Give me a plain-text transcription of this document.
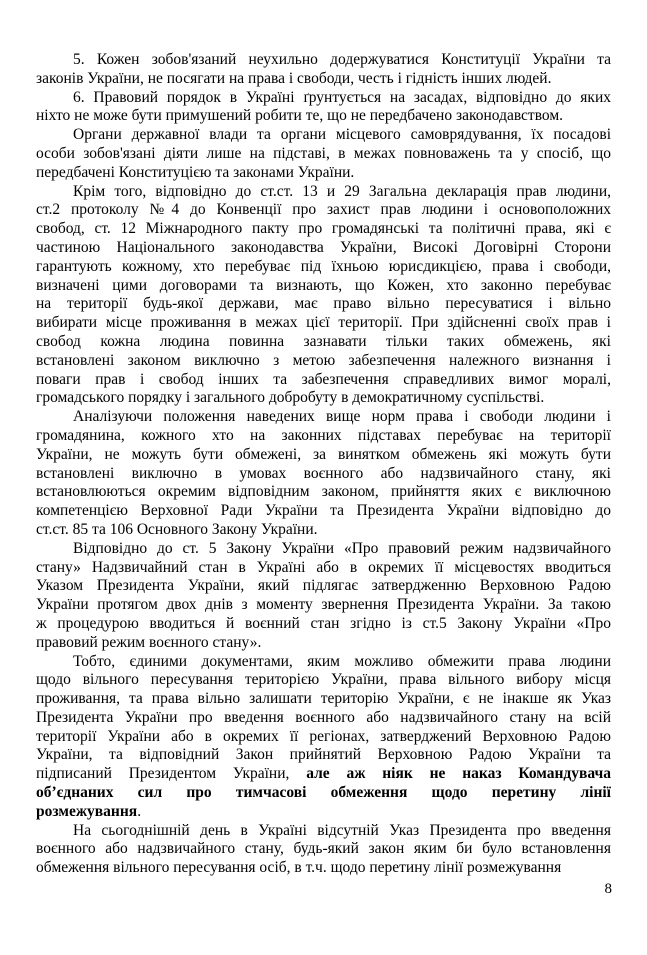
5. Кожен зобов'язаний неухильно додержуватися Конституції України та
законів України, не посягати на права і свободи, честь і гідність інших людей.
6. Правовий порядок в Україні ґрунтується на засадах, відповідно до яких
ніхто не може бути примушений робити те, що не передбачено законодавством.
Органи державної влади та органи місцевого самоврядування, їх посадові
особи зобов'язані діяти лише на підставі, в межах повноважень та у спосіб, що
передбачені Конституцією та законами України.
Крім того, відповідно до ст.ст. 13 и 29 Загальна декларація прав людини,
ст.2 протоколу №4 до Конвенції про захист прав людини і основоположних
свобод, ст. 12 Міжнародного пакту про громадянські та політичні права, які є
частиною Національного законодавства України, Високі Договірні Сторони
гарантують кожному, хто перебуває під їхньою юрисдикцією, права і свободи,
визначені цими договорами та визнають, що Кожен, хто законно перебуває
на території будь-якої держави, має право вільно пересуватися і вільно
вибирати місце проживання в межах цієї території. При здійсненні своїх прав і
свобод кожна людина повинна зазнавати тільки таких обмежень, які
встановлені законом виключно з метою забезпечення належного визнання і
поваги прав і свобод інших та забезпечення справедливих вимог моралі,
громадського порядку і загального добробуту в демократичному суспільстві.
Аналізуючи положення наведених вище норм права і свободи людини і
громадянина, кожного хто на законних підставах перебуває на території
України, не можуть бути обмежені, за винятком обмежень які можуть бути
встановлені виключно в умовах воєнного або надзвичайного стану, які
встановлюються окремим відповідним законом, прийняття яких є виключною
компетенцією Верховної Ради України та Президента України відповідно до
ст.ст. 85 та 106 Основного Закону України.
Відповідно до ст. 5 Закону України «Про правовий режим надзвичайного
стану» Надзвичайний стан в Україні або в окремих її місцевостях вводиться
Указом Президента України, який підлягає затвердженню Верховною Радою
України протягом двох днів з моменту звернення Президента України. За такою
ж процедурою вводиться й воєнний стан згідно із ст.5 Закону України «Про
правовий режим воєнного стану».
Тобто, єдиними документами, яким можливо обмежити права людини
щодо вільного пересування територією України, права вільного вибору місця
проживання, та права вільно залишати територію України, є не інакше як Указ
Президента України про введення воєнного або надзвичайного стану на всій
території України або в окремих її регіонах, затверджений Верховною Радою
України, та відповідний Закон прийнятий Верховною Радою України та
підписаний Президентом України, але аж ніяк не наказ Командувача
об’єднаних сил про тимчасові обмеження щодо перетину лінії
розмежування.
На сьогоднішній день в Україні відсутній Указ Президента про введення
воєнного або надзвичайного стану, будь-який закон яким би було встановлення
обмеження вільного пересування осіб, в т.ч. щодо перетину лінії розмежування
8
